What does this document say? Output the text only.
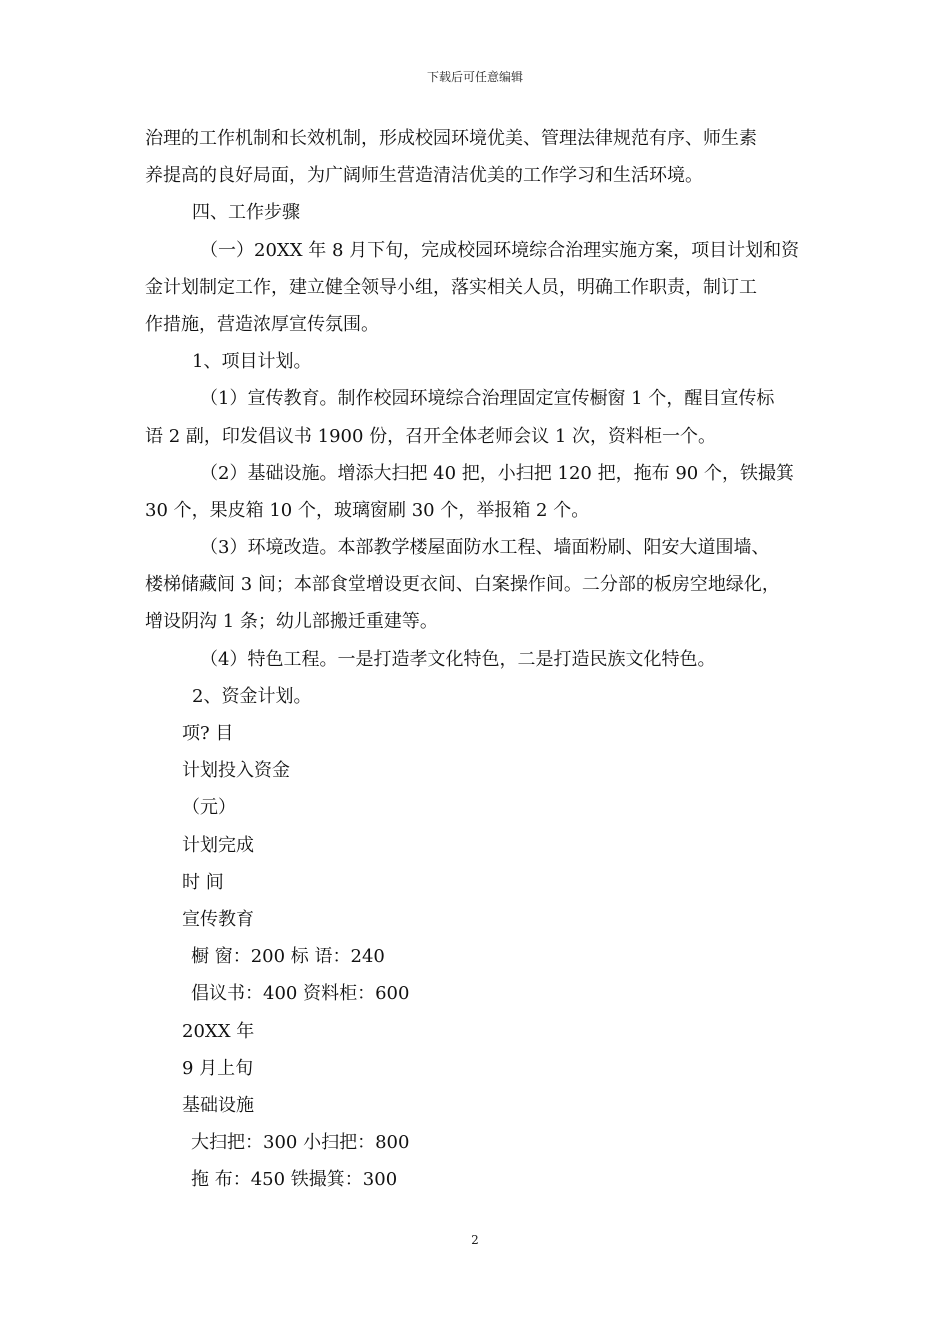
下载后可任意编辑
治理的工作机制和长效机制，形成校园环境优美、管理法律规范有序、师生素
养提高的良好局面，为广阔师生营造清洁优美的工作学习和生活环境。
四、工作步骤
（一）20XX 年 8 月下旬，完成校园环境综合治理实施方案，项目计划和资
金计划制定工作，建立健全领导小组，落实相关人员，明确工作职责，制订工
作措施，营造浓厚宣传氛围。
1、项目计划。
（1）宣传教育。制作校园环境综合治理固定宣传橱窗 1 个，醒目宣传标
语 2 副，印发倡议书 1900 份，召开全体老师会议 1 次，资料柜一个。
（2）基础设施。增添大扫把 40 把，小扫把 120 把，拖布 90 个，铁撮箕
30 个，果皮箱 10 个，玻璃窗刷 30 个，举报箱 2 个。
（3）环境改造。本部教学楼屋面防水工程、墙面粉刷、阳安大道围墙、
楼梯储藏间 3 间；本部食堂增设更衣间、白案操作间。二分部的板房空地绿化，
增设阴沟 1 条；幼儿部搬迁重建等。
（4）特色工程。一是打造孝文化特色，二是打造民族文化特色。
2、资金计划。
项? 目
计划投入资金
（元）
计划完成
时 间
宣传教育
橱 窗：200 标 语：240
倡议书：400 资料柜：600
20XX 年
9 月上旬
基础设施
大扫把：300 小扫把：800
拖 布：450 铁撮箕：300
2
